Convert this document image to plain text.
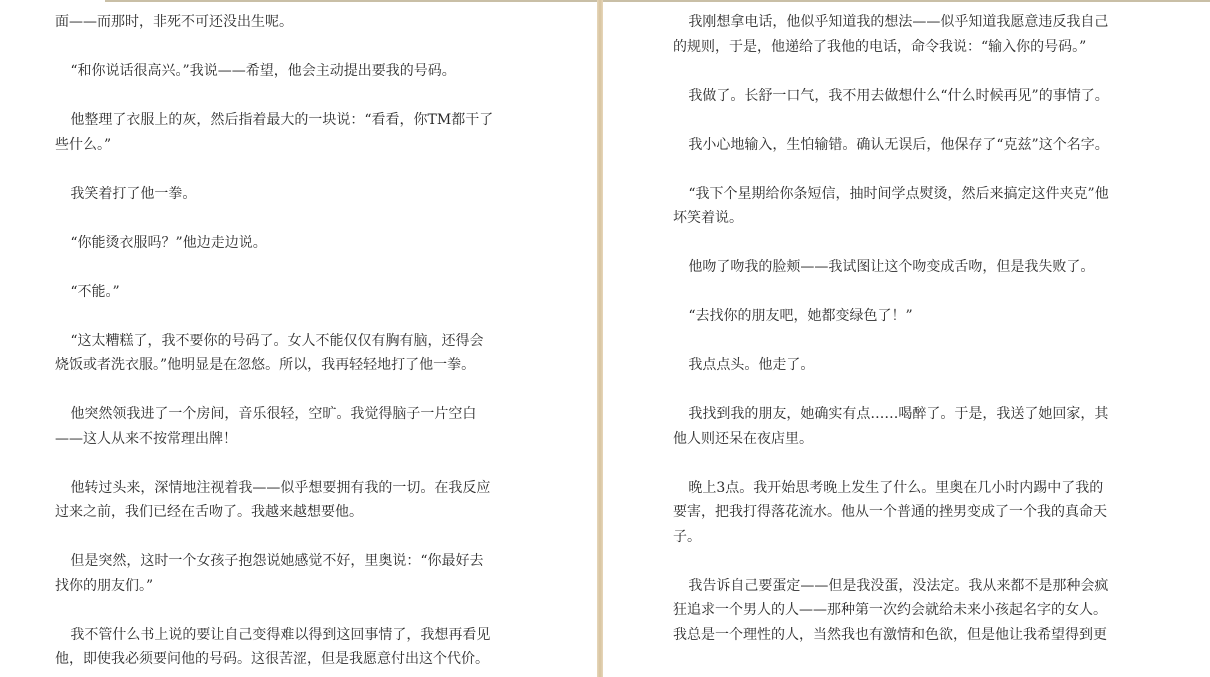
面——而那时，非死不可还没出生呢。

“和你说话很高兴。”我说——希望，他会主动提出要我的号码。

他整理了衣服上的灰，然后指着最大的一块说：“看看，你TM都干了
些什么。”

我笑着打了他一拳。

“你能烫衣服吗？”他边走边说。

“不能。”

“这太糟糕了，我不要你的号码了。女人不能仅仅有胸有脑，还得会
烧饭或者洗衣服。”他明显是在忽悠。所以，我再轻轻地打了他一拳。

他突然领我进了一个房间，音乐很轻，空旷。我觉得脑子一片空白
——这人从来不按常理出牌！

他转过头来，深情地注视着我——似乎想要拥有我的一切。在我反应
过来之前，我们已经在舌吻了。我越来越想要他。

但是突然，这时一个女孩子抱怨说她感觉不好，里奥说：“你最好去
找你的朋友们。”

我不管什么书上说的要让自己变得难以得到这回事情了，我想再看见
他，即使我必须要问他的号码。这很苦涩，但是我愿意付出这个代价。

我刚想拿电话，他似乎知道我的想法——似乎知道我愿意违反我自己
的规则，于是，他递给了我他的电话，命令我说：“输入你的号码。”

我做了。长舒一口气，我不用去做想什么“什么时候再见”的事情了。

我小心地输入，生怕输错。确认无误后，他保存了“克兹”这个名字。

“我下个星期给你条短信，抽时间学点熨烫，然后来搞定这件夹克”他
坏笑着说。

他吻了吻我的脸颊——我试图让这个吻变成舌吻，但是我失败了。

“去找你的朋友吧，她都变绿色了！”

我点点头。他走了。

我找到我的朋友，她确实有点……喝醉了。于是，我送了她回家，其
他人则还呆在夜店里。

晚上3点。我开始思考晚上发生了什么。里奥在几小时内踢中了我的
要害，把我打得落花流水。他从一个普通的挫男变成了一个我的真命天
子。

我告诉自己要蛋定——但是我没蛋，没法定。我从来都不是那种会疯
狂追求一个男人的人——那种第一次约会就给未来小孩起名字的女人。
我总是一个理性的人，当然我也有激情和色欲，但是他让我希望得到更
